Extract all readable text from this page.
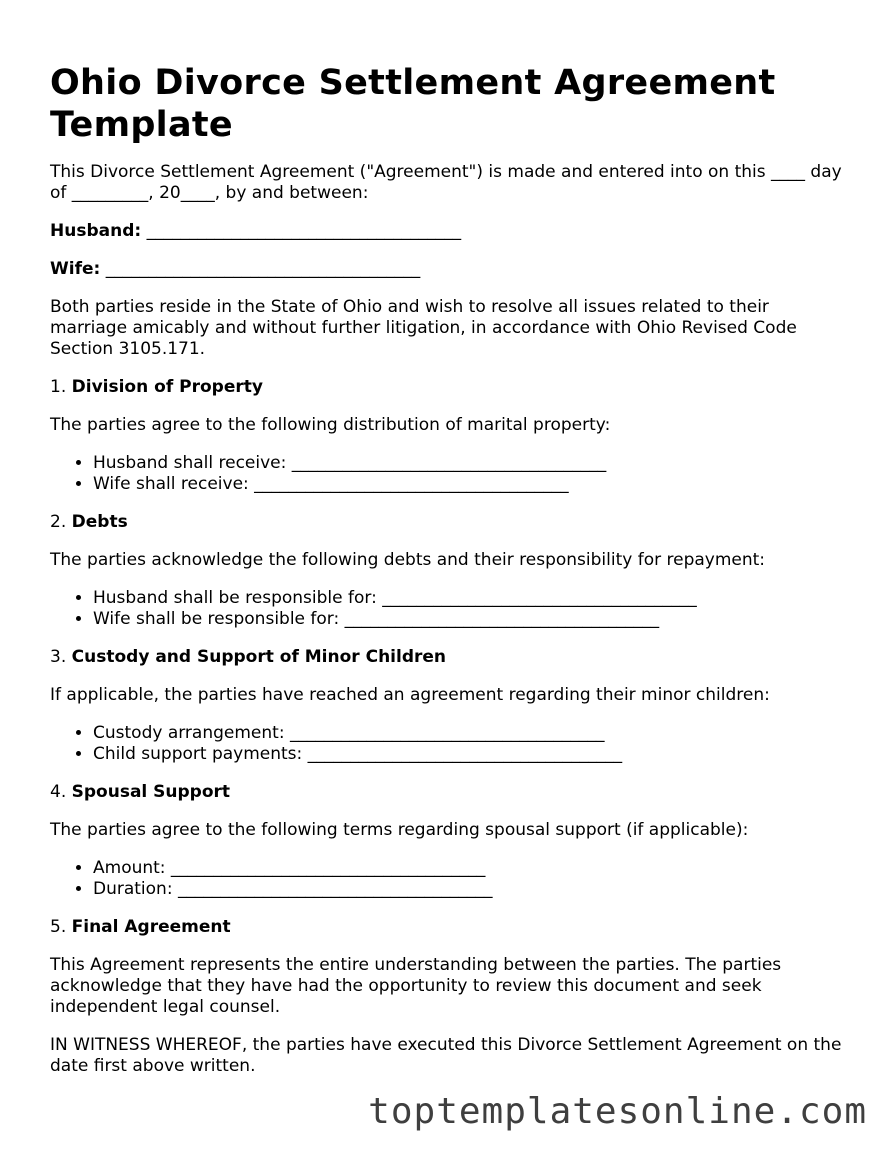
Ohio Divorce Settlement Agreement Template

This Divorce Settlement Agreement ("Agreement") is made and entered into on this ____ day of _________, 20____, by and between:

Husband: _____________________________________

Wife: _____________________________________

Both parties reside in the State of Ohio and wish to resolve all issues related to their marriage amicably and without further litigation, in accordance with Ohio Revised Code Section 3105.171.

1. Division of Property

The parties agree to the following distribution of marital property:

• Husband shall receive: _____________________________________
• Wife shall receive: _____________________________________

2. Debts

The parties acknowledge the following debts and their responsibility for repayment:

• Husband shall be responsible for: _____________________________________
• Wife shall be responsible for: _____________________________________

3. Custody and Support of Minor Children

If applicable, the parties have reached an agreement regarding their minor children:

• Custody arrangement: _____________________________________
• Child support payments: _____________________________________

4. Spousal Support

The parties agree to the following terms regarding spousal support (if applicable):

• Amount: _____________________________________
• Duration: _____________________________________

5. Final Agreement

This Agreement represents the entire understanding between the parties. The parties acknowledge that they have had the opportunity to review this document and seek independent legal counsel.

IN WITNESS WHEREOF, the parties have executed this Divorce Settlement Agreement on the date first above written.

toptemplatesonline.com
